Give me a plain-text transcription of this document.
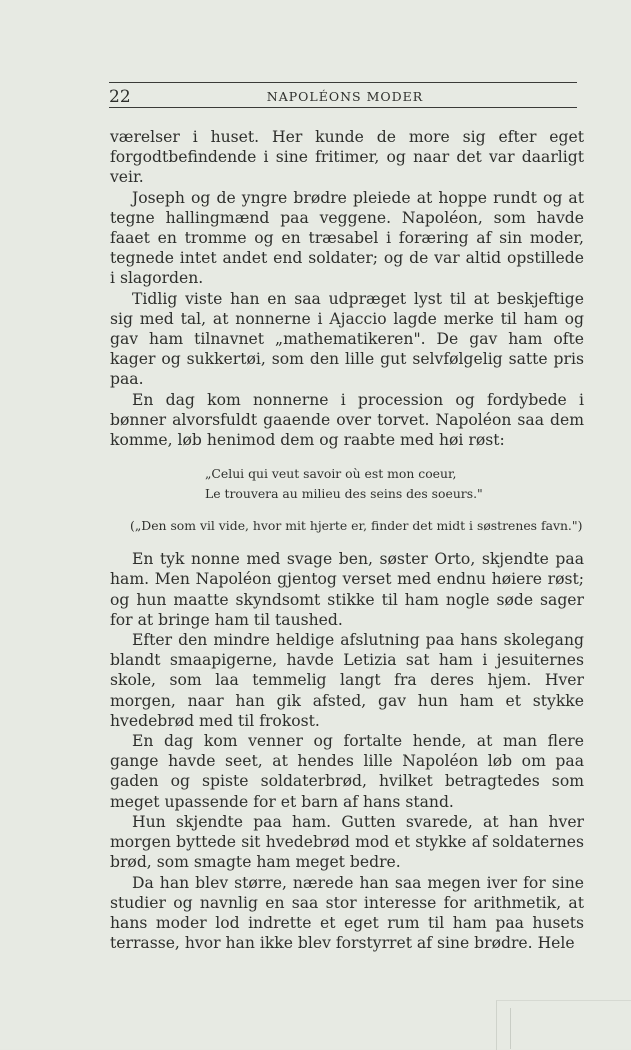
22	NAPOLÉONS MODER

værelser i huset. Her kunde de more sig efter eget forgodtbefindende i sine fritimer, og naar det var daarligt veir.

Joseph og de yngre brødre pleiede at hoppe rundt og at tegne hallingmænd paa veggene. Napoléon, som havde faaet en tromme og en træsabel i foræring af sin moder, tegnede intet andet end soldater; og de var altid opstillede i slagorden.

Tidlig viste han en saa udpræget lyst til at beskjeftige sig med tal, at nonnerne i Ajaccio lagde merke til ham og gav ham tilnavnet „mathematikeren". De gav ham ofte kager og sukkertøi, som den lille gut selvfølgelig satte pris paa.

En dag kom nonnerne i procession og fordybede i bønner alvorsfuldt gaaende over torvet. Napoléon saa dem komme, løb henimod dem og raabte med høi røst:

„Celui qui veut savoir où est mon coeur,
Le trouvera au milieu des seins des soeurs."
(„Den som vil vide, hvor mit hjerte er, finder det midt i søstrenes favn.")

En tyk nonne med svage ben, søster Orto, skjendte paa ham. Men Napoléon gjentog verset med endnu høiere røst; og hun maatte skyndsomt stikke til ham nogle søde sager for at bringe ham til taushed.

Efter den mindre heldige afslutning paa hans skolegang blandt smaapigerne, havde Letizia sat ham i jesuiternes skole, som laa temmelig langt fra deres hjem. Hver morgen, naar han gik afsted, gav hun ham et stykke hvedebrød med til frokost.

En dag kom venner og fortalte hende, at man flere gange havde seet, at hendes lille Napoléon løb om paa gaden og spiste soldaterbrød, hvilket betragtedes som meget upassende for et barn af hans stand.

Hun skjendte paa ham. Gutten svarede, at han hver morgen byttede sit hvedebrød mod et stykke af soldaternes brød, som smagte ham meget bedre.

Da han blev større, nærede han saa megen iver for sine studier og navnlig en saa stor interesse for arithmetik, at hans moder lod indrette et eget rum til ham paa husets terrasse, hvor han ikke blev forstyrret af sine brødre. Hele
